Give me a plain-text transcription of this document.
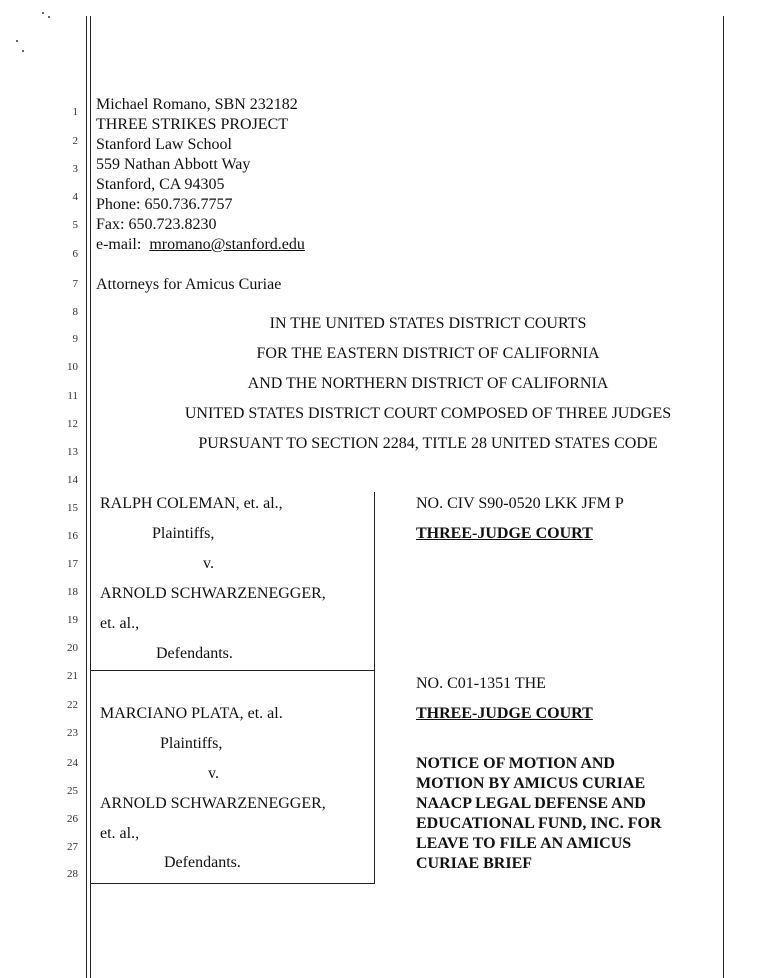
1
2
3
4
5
6
7
8
9
10
11
12
13
14
15
16
17
18
19
20
21
22
23
24
25
26
27
28
Michael Romano, SBN 232182
THREE STRIKES PROJECT
Stanford Law School
559 Nathan Abbott Way
Stanford, CA 94305
Phone: 650.736.7757
Fax: 650.723.8230
e-mail: mromano@stanford.edu
Attorneys for Amicus Curiae
IN THE UNITED STATES DISTRICT COURTS
FOR THE EASTERN DISTRICT OF CALIFORNIA
AND THE NORTHERN DISTRICT OF CALIFORNIA
UNITED STATES DISTRICT COURT COMPOSED OF THREE JUDGES
PURSUANT TO SECTION 2284, TITLE 28 UNITED STATES CODE
RALPH COLEMAN, et. al.,
Plaintiffs,
v.
ARNOLD SCHWARZENEGGER,
et. al.,
Defendants.
NO. CIV S90-0520 LKK JFM P
THREE-JUDGE COURT
MARCIANO PLATA, et. al.
Plaintiffs,
v.
ARNOLD SCHWARZENEGGER,
et. al.,
Defendants.
NO. C01-1351 THE
THREE-JUDGE COURT
NOTICE OF MOTION AND
MOTION BY AMICUS CURIAE
NAACP LEGAL DEFENSE AND
EDUCATIONAL FUND, INC. FOR
LEAVE TO FILE AN AMICUS
CURIAE BRIEF
